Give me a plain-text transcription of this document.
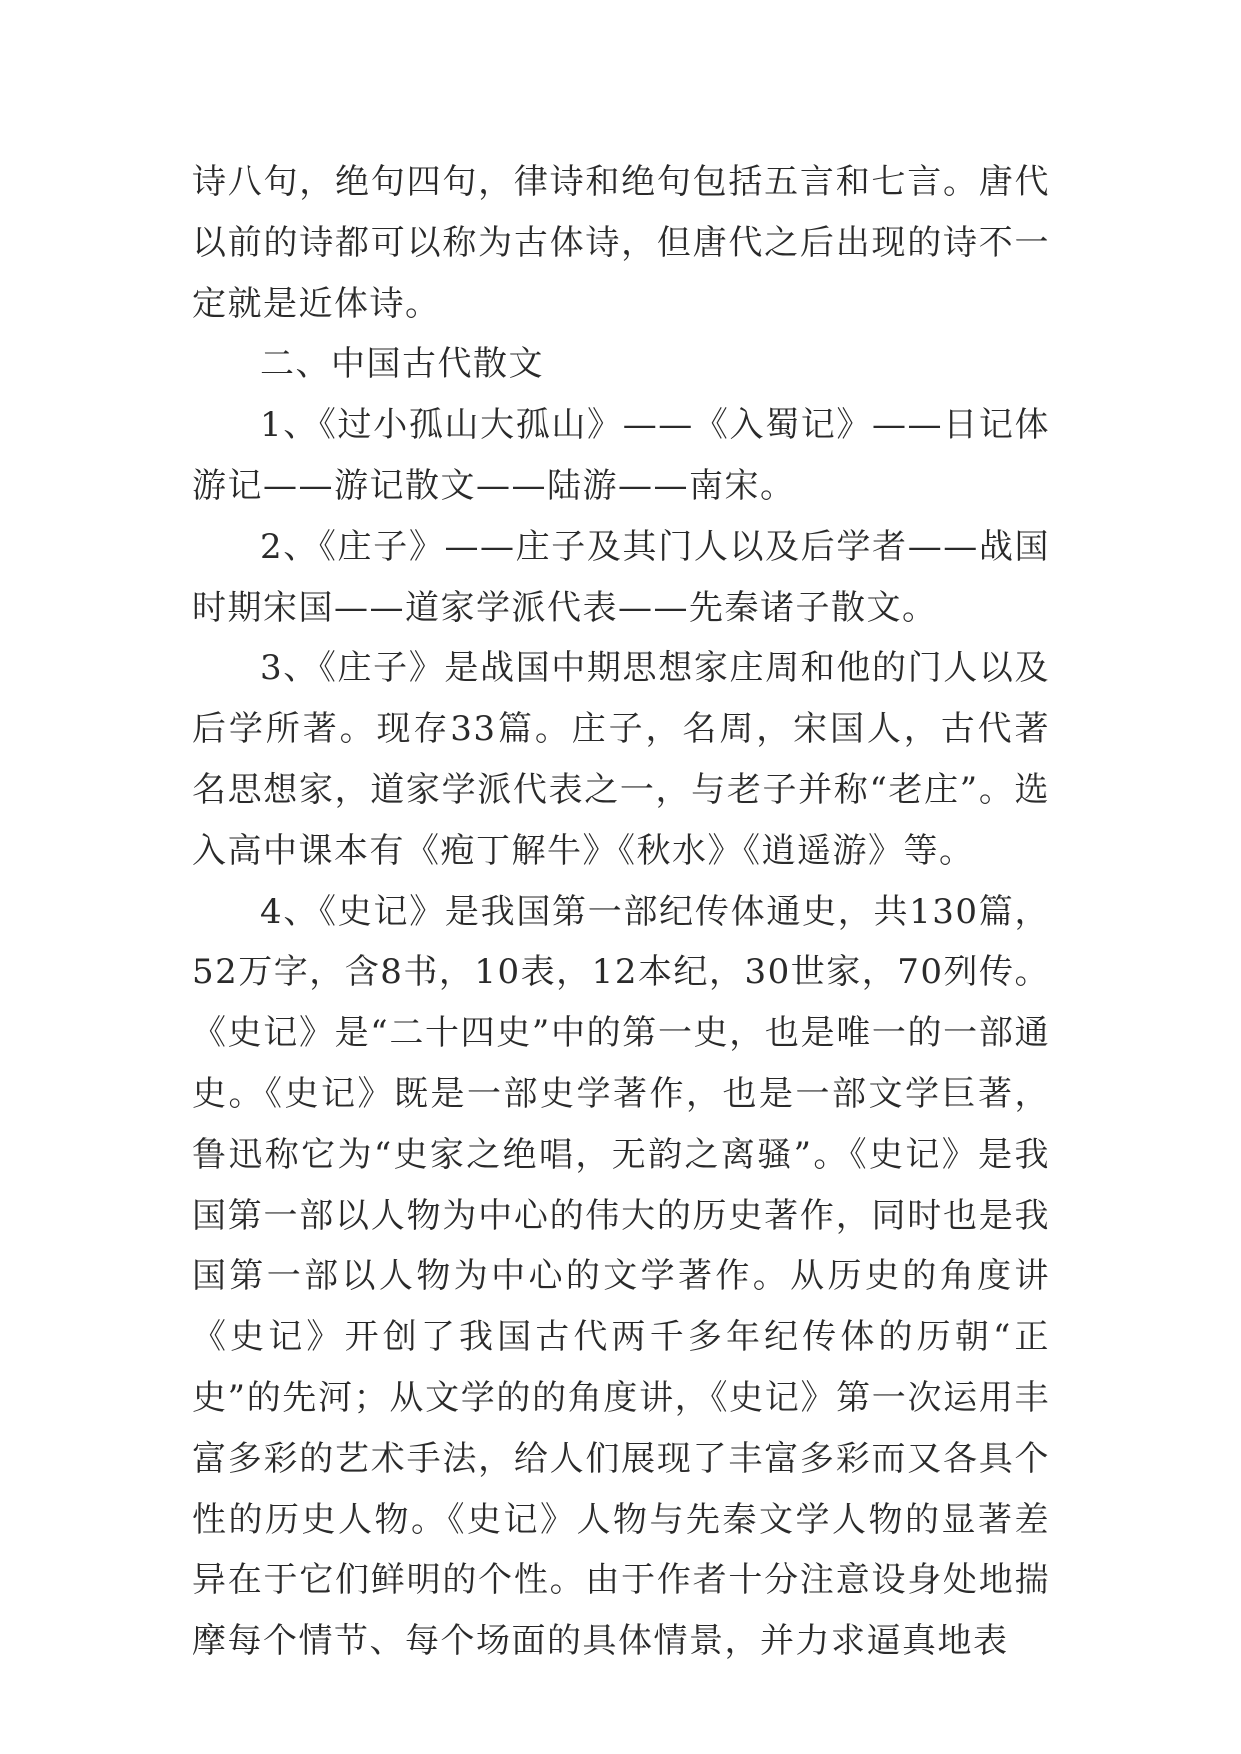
诗八句，绝句四句，律诗和绝句包括五言和七言。唐代以前的诗都可以称为古体诗，但唐代之后出现的诗不一定就是近体诗。

二、中国古代散文

1、《过小孤山大孤山》——《入蜀记》——日记体游记——游记散文——陆游——南宋。

2、《庄子》——庄子及其门人以及后学者——战国时期宋国——道家学派代表——先秦诸子散文。

3、《庄子》是战国中期思想家庄周和他的门人以及后学所著。现存33篇。庄子，名周，宋国人，古代著名思想家，道家学派代表之一，与老子并称“老庄”。选入高中课本有《疱丁解牛》《秋水》《逍遥游》等。

4、《史记》是我国第一部纪传体通史，共130篇，52万字，含8书，10表，12本纪，30世家，70列传。《史记》是“二十四史”中的第一史，也是唯一的一部通史。《史记》既是一部史学著作，也是一部文学巨著，鲁迅称它为“史家之绝唱，无韵之离骚”。《史记》是我国第一部以人物为中心的伟大的历史著作，同时也是我国第一部以人物为中心的文学著作。从历史的角度讲《史记》开创了我国古代两千多年纪传体的历朝“正史”的先河；从文学的的角度讲，《史记》第一次运用丰富多彩的艺术手法，给人们展现了丰富多彩而又各具个性的历史人物。《史记》人物与先秦文学人物的显著差异在于它们鲜明的个性。由于作者十分注意设身处地揣摩每个情节、每个场面的具体情景，并力求逼真地表
